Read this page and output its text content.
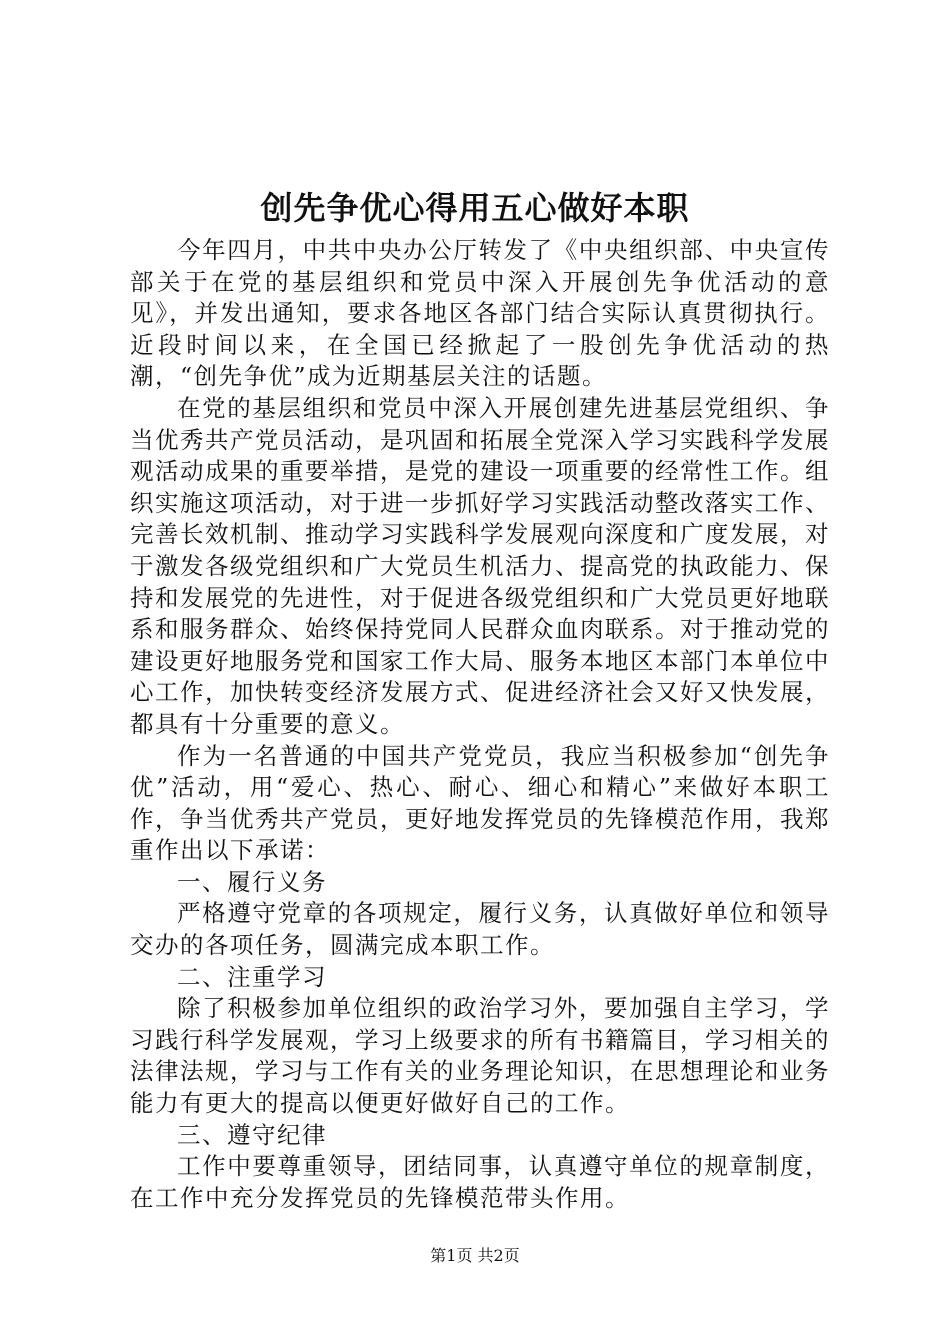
创先争优心得用五心做好本职

今年四月，中共中央办公厅转发了《中央组织部、中央宣传部关于在党的基层组织和党员中深入开展创先争优活动的意见》，并发出通知，要求各地区各部门结合实际认真贯彻执行。近段时间以来，在全国已经掀起了一股创先争优活动的热潮，“创先争优”成为近期基层关注的话题。

在党的基层组织和党员中深入开展创建先进基层党组织、争当优秀共产党员活动，是巩固和拓展全党深入学习实践科学发展观活动成果的重要举措，是党的建设一项重要的经常性工作。组织实施这项活动，对于进一步抓好学习实践活动整改落实工作、完善长效机制、推动学习实践科学发展观向深度和广度发展，对于激发各级党组织和广大党员生机活力、提高党的执政能力、保持和发展党的先进性，对于促进各级党组织和广大党员更好地联系和服务群众、始终保持党同人民群众血肉联系。对于推动党的建设更好地服务党和国家工作大局、服务本地区本部门本单位中心工作，加快转变经济发展方式、促进经济社会又好又快发展，都具有十分重要的意义。

作为一名普通的中国共产党党员，我应当积极参加“创先争优”活动，用“爱心、热心、耐心、细心和精心”来做好本职工作，争当优秀共产党员，更好地发挥党员的先锋模范作用，我郑重作出以下承诺：

一、履行义务

严格遵守党章的各项规定，履行义务，认真做好单位和领导交办的各项任务，圆满完成本职工作。

二、注重学习

除了积极参加单位组织的政治学习外，要加强自主学习，学习践行科学发展观，学习上级要求的所有书籍篇目，学习相关的法律法规，学习与工作有关的业务理论知识，在思想理论和业务能力有更大的提高以便更好做好自己的工作。

三、遵守纪律

工作中要尊重领导，团结同事，认真遵守单位的规章制度，在工作中充分发挥党员的先锋模范带头作用。

第1页 共2页
